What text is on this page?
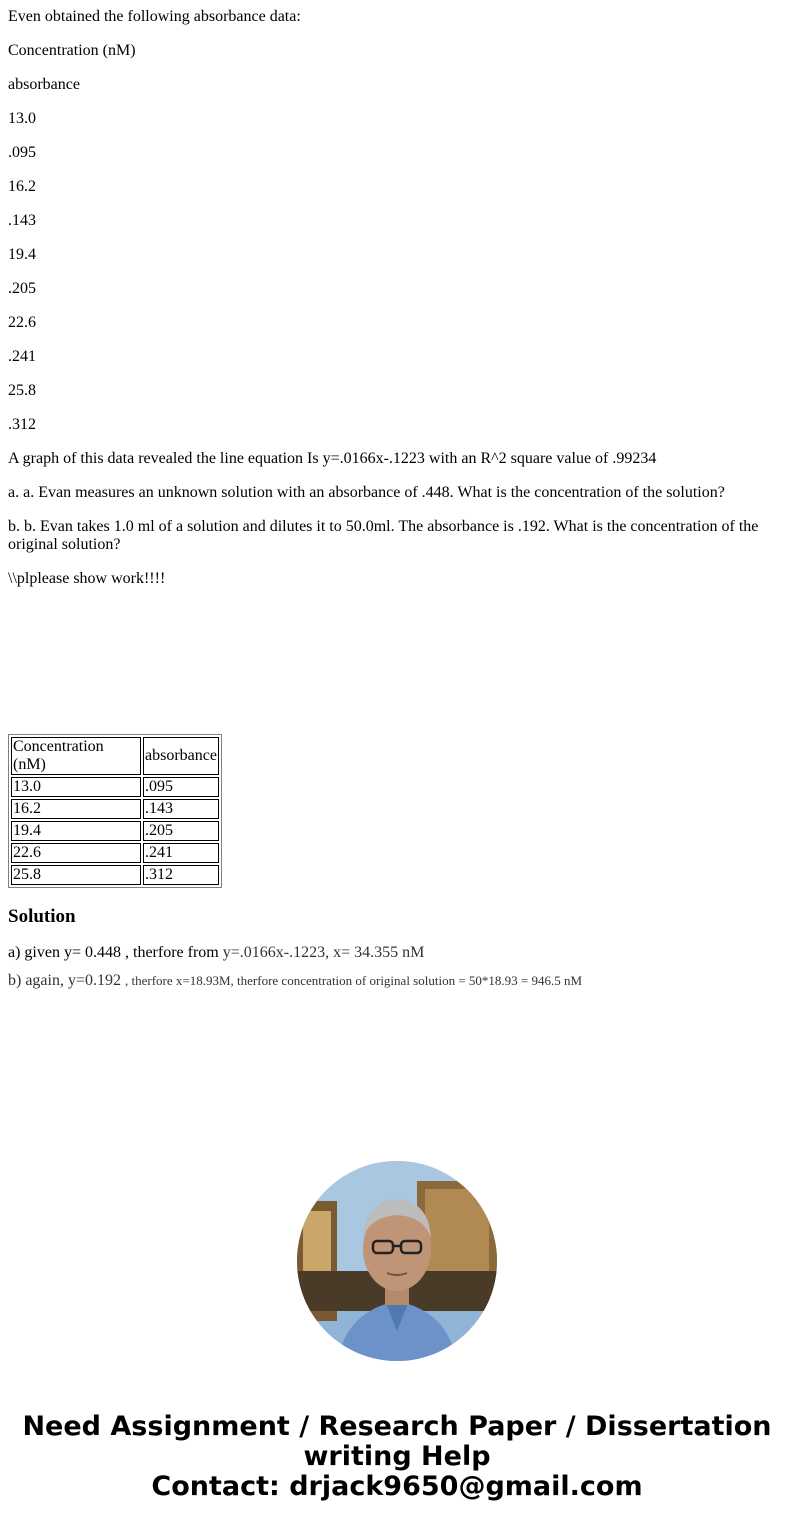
Even obtained the following absorbance data:

Concentration (nM)

absorbance

13.0

.095

16.2

.143

19.4

.205

22.6

.241

25.8

.312

A graph of this data revealed the line equation Is y=.0166x-.1223 with an R^2 square value of .99234

a. a. Evan measures an unknown solution with an absorbance of .448. What is the concentration of the solution?

b. b. Evan takes 1.0 ml of a solution and dilutes it to 50.0ml. The absorbance is .192. What is the concentration of the original solution?

\\plplease show work!!!!

Concentration (nM)	absorbance
13.0	.095
16.2	.143
19.4	.205
22.6	.241
25.8	.312
Solution

a) given y= 0.448 , therfore from y=.0166x-.1223, x= 34.355 nM

b) again, y=0.192 , therfore x=18.93M, therfore concentration of original solution = 50*18.93 = 946.5 nM

Need Assignment / Research Paper / Dissertation
writing Help
Contact: drjack9650@gmail.com
